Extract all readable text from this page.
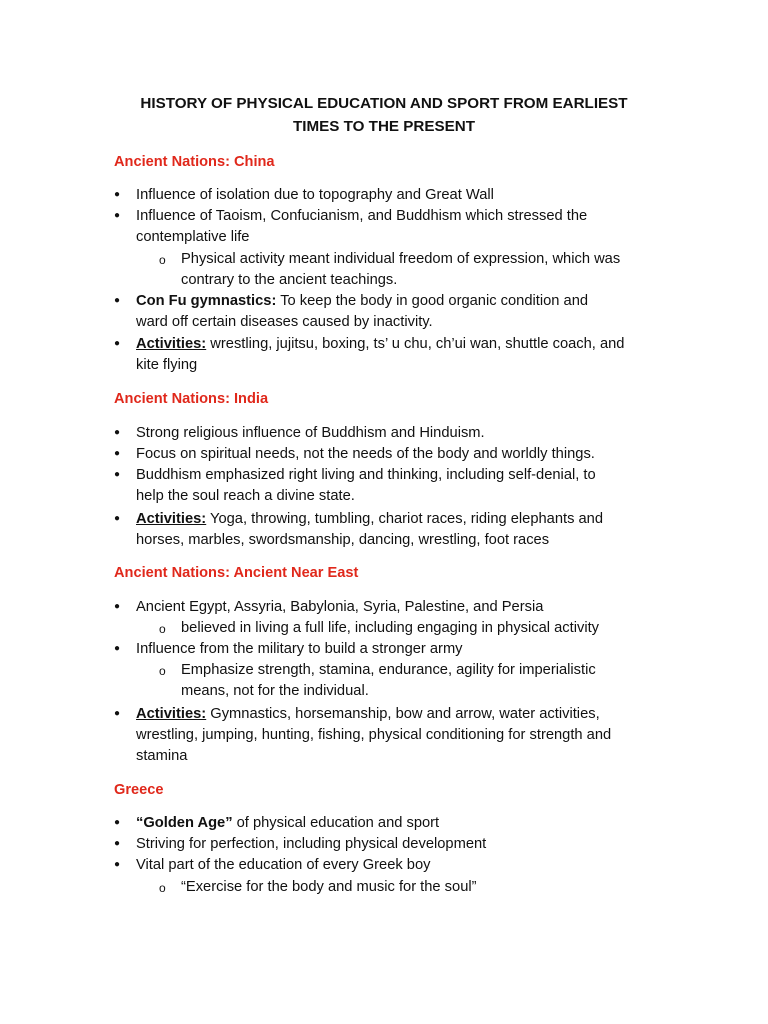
HISTORY OF PHYSICAL EDUCATION AND SPORT FROM EARLIEST
TIMES TO THE PRESENT
Ancient Nations: China
● Influence of isolation due to topography and Great Wall
● Influence of Taoism, Confucianism, and Buddhism which stressed the
contemplative life
o Physical activity meant individual freedom of expression, which was
contrary to the ancient teachings.
● Con Fu gymnastics: To keep the body in good organic condition and
ward off certain diseases caused by inactivity.
● Activities: wrestling, jujitsu, boxing, ts’ u chu, ch’ui wan, shuttle coach, and
kite flying
Ancient Nations: India
● Strong religious influence of Buddhism and Hinduism.
● Focus on spiritual needs, not the needs of the body and worldly things.
● Buddhism emphasized right living and thinking, including self-denial, to
help the soul reach a divine state.
● Activities: Yoga, throwing, tumbling, chariot races, riding elephants and
horses, marbles, swordsmanship, dancing, wrestling, foot races
Ancient Nations: Ancient Near East
● Ancient Egypt, Assyria, Babylonia, Syria, Palestine, and Persia
o believed in living a full life, including engaging in physical activity
● Influence from the military to build a stronger army
o Emphasize strength, stamina, endurance, agility for imperialistic
means, not for the individual.
● Activities: Gymnastics, horsemanship, bow and arrow, water activities,
wrestling, jumping, hunting, fishing, physical conditioning for strength and
stamina
Greece
● “Golden Age” of physical education and sport
● Striving for perfection, including physical development
● Vital part of the education of every Greek boy
o “Exercise for the body and music for the soul”
